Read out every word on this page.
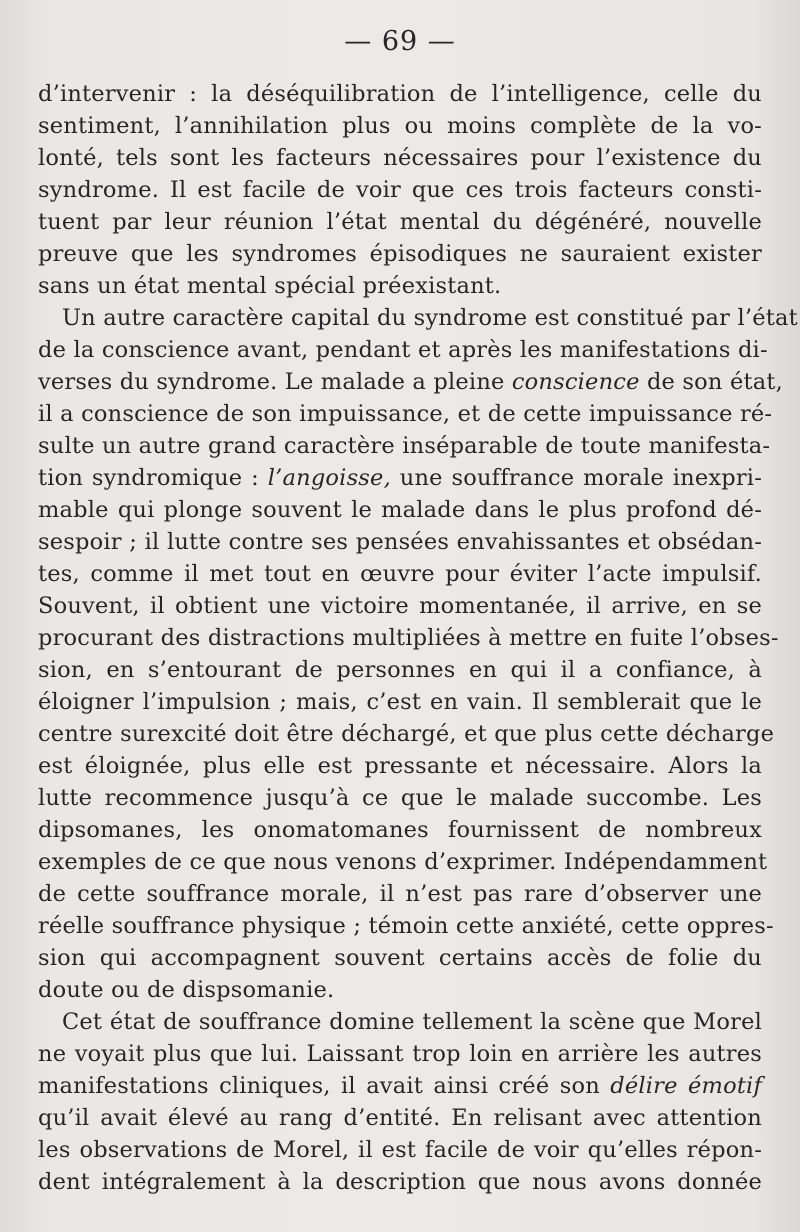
— 69 —
d’intervenir : la déséquilibration de l’intelligence, celle du
sentiment, l’annihilation plus ou moins complète de la vo-
lonté, tels sont les facteurs nécessaires pour l’existence du
syndrome. Il est facile de voir que ces trois facteurs consti-
tuent par leur réunion l’état mental du dégénéré, nouvelle
preuve que les syndromes épisodiques ne sauraient exister
sans un état mental spécial préexistant.
Un autre caractère capital du syndrome est constitué par l’état
de la conscience avant, pendant et après les manifestations di-
verses du syndrome. Le malade a pleine conscience de son état,
il a conscience de son impuissance, et de cette impuissance ré-
sulte un autre grand caractère inséparable de toute manifesta-
tion syndromique : l’angoisse, une souffrance morale inexpri-
mable qui plonge souvent le malade dans le plus profond dé-
sespoir ; il lutte contre ses pensées envahissantes et obsédan-
tes, comme il met tout en œuvre pour éviter l’acte impulsif.
Souvent, il obtient une victoire momentanée, il arrive, en se
procurant des distractions multipliées à mettre en fuite l’obses-
sion, en s’entourant de personnes en qui il a confiance, à
éloigner l’impulsion ; mais, c’est en vain. Il semblerait que le
centre surexcité doit être déchargé, et que plus cette décharge
est éloignée, plus elle est pressante et nécessaire. Alors la
lutte recommence jusqu’à ce que le malade succombe. Les
dipsomanes, les onomatomanes fournissent de nombreux
exemples de ce que nous venons d’exprimer. Indépendamment
de cette souffrance morale, il n’est pas rare d’observer une
réelle souffrance physique ; témoin cette anxiété, cette oppres-
sion qui accompagnent souvent certains accès de folie du
doute ou de dispsomanie.
Cet état de souffrance domine tellement la scène que Morel
ne voyait plus que lui. Laissant trop loin en arrière les autres
manifestations cliniques, il avait ainsi créé son délire émotif
qu’il avait élevé au rang d’entité. En relisant avec attention
les observations de Morel, il est facile de voir qu’elles répon-
dent intégralement à la description que nous avons donnée
